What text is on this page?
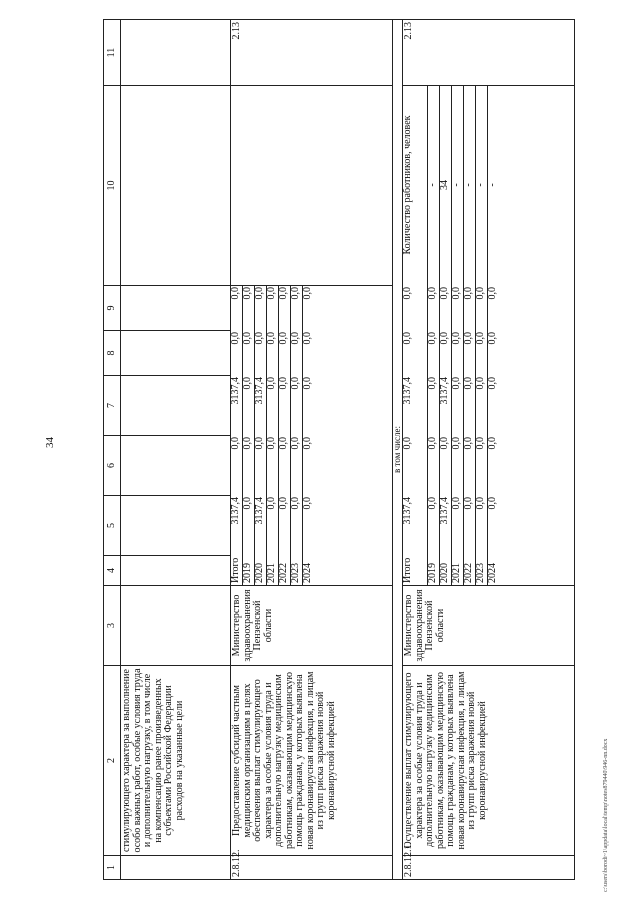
34
1	2	3	4	5	6	7	8	9	10	11
	стимулирующего характера за выполнение особо важных работ, особые условия труда и дополнительную нагрузку, в том числе на компенсацию ранее произведенных субъектами Российской Федерации расходов на указанные цели									
2.8.12.	Предоставление субсидий частным медицинским организациям в целях обеспечения выплат стимулирующего характера за особые условия труда и дополнительную нагрузку медицинским работникам, оказывающим медицинскую помощь гражданам, у которых выявлена новая коронавирусная инфекция, и лицам из групп риска заражения новой коронавирусной инфекцией	Министерство здравоохранения Пензенской области	
Итого	3137,4	0,0	3137,4	0,0	0,0
2019	0,0	0,0	0,0	0,0	0,0
2020	3137,4	0,0	3137,4	0,0	0,0
2021	0,0	0,0	0,0	0,0	0,0
2022	0,0	0,0	0,0	0,0	0,0
2023	0,0	0,0	0,0	0,0	0,0
2024	0,0	0,0	0,0	0,0	0,0
		2.13
в том числе:
2.8.12.1.	Осуществление выплат стимулирующего характера за особые условия труда и дополнительную нагрузку медицинским работникам, оказывающим медицинскую помощь гражданам, у которых выявлена новая коронавирусная инфекция, и лицам из групп риска заражения новой коронавирусной инфекцией	Министерство здравоохранения Пензенской области	
Итого	3137,4	0,0	3137,4	0,0	0,0	Количество работников, человек
2019	0,0	0,0	0,0	0,0	0,0	-
2020	3137,4	0,0	3137,4	0,0	0,0	34
2021	0,0	0,0	0,0	0,0	0,0	-
2022	0,0	0,0	0,0	0,0	0,0	-
2023	0,0	0,0	0,0	0,0	0,0	-
2024	0,0	0,0	0,0	0,0	0,0	-
	2.13
c:\users\borodi~1\appdata\local\temp\notes879440\946-nn.docx
